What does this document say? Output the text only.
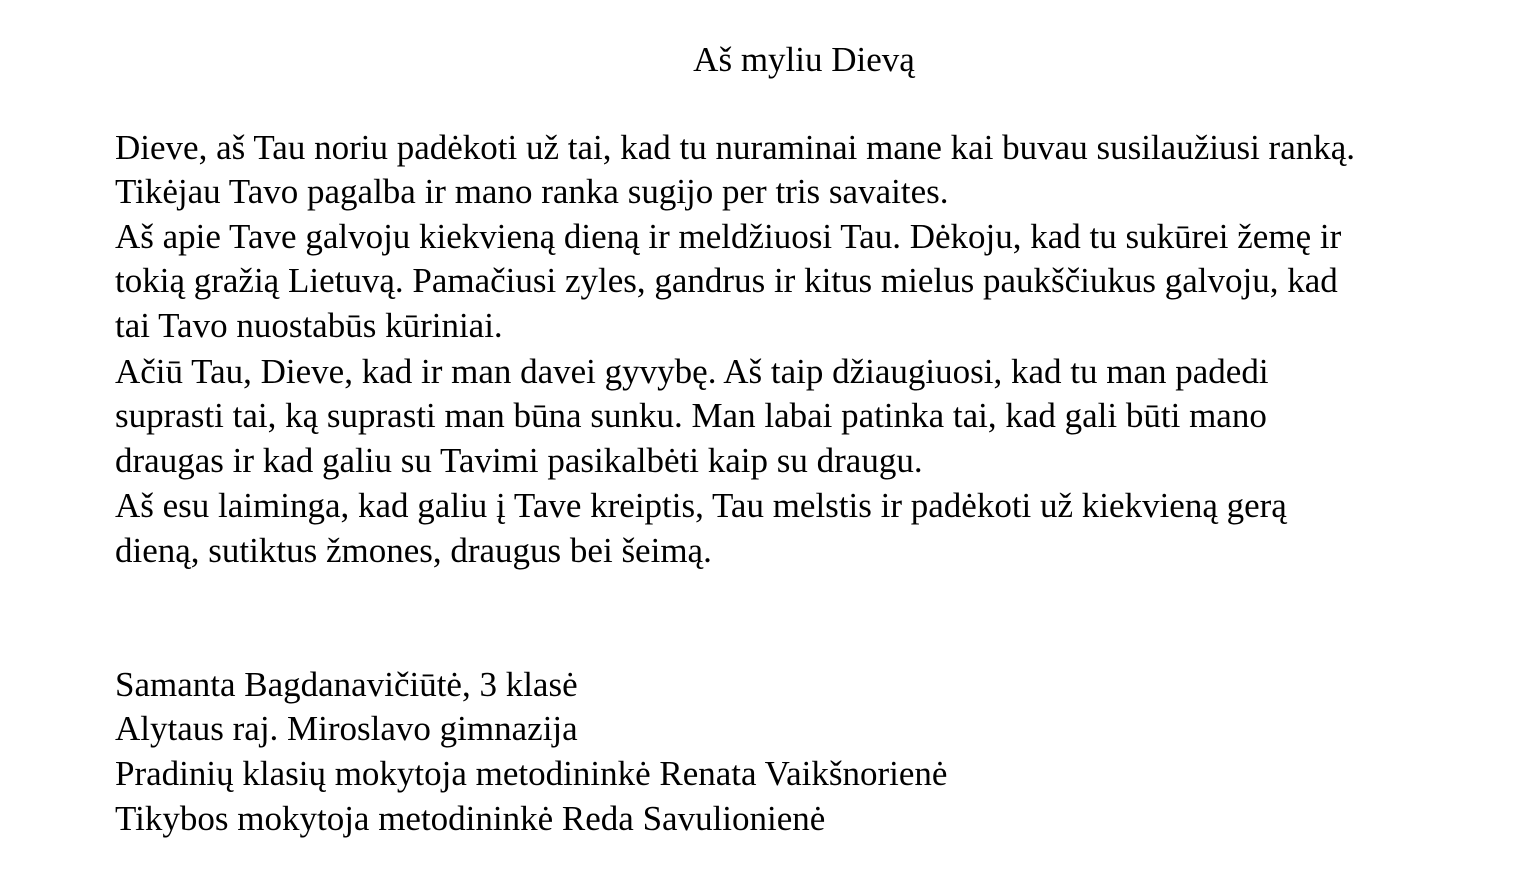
Aš myliu Dievą
Dieve, aš Tau noriu padėkoti už tai, kad tu nuraminai mane kai buvau susilaužiusi ranką.
Tikėjau Tavo pagalba ir mano ranka sugijo per tris savaites.
Aš apie Tave galvoju kiekvieną dieną ir meldžiuosi Tau. Dėkoju, kad tu sukūrei žemę ir
tokią gražią Lietuvą. Pamačiusi zyles, gandrus ir kitus mielus paukščiukus galvoju, kad
tai Tavo nuostabūs kūriniai.
Ačiū Tau, Dieve, kad ir man davei gyvybę. Aš taip džiaugiuosi, kad tu man padedi
suprasti tai, ką suprasti man būna sunku. Man labai patinka tai, kad gali būti mano
draugas ir kad galiu su Tavimi pasikalbėti kaip su draugu.
Aš esu laiminga, kad galiu į Tave kreiptis, Tau melstis ir padėkoti už kiekvieną gerą
dieną, sutiktus žmones, draugus bei šeimą.
Samanta Bagdanavičiūtė, 3 klasė
Alytaus raj. Miroslavo gimnazija
Pradinių klasių mokytoja metodininkė Renata Vaikšnorienė
Tikybos mokytoja metodininkė Reda Savulionienė
